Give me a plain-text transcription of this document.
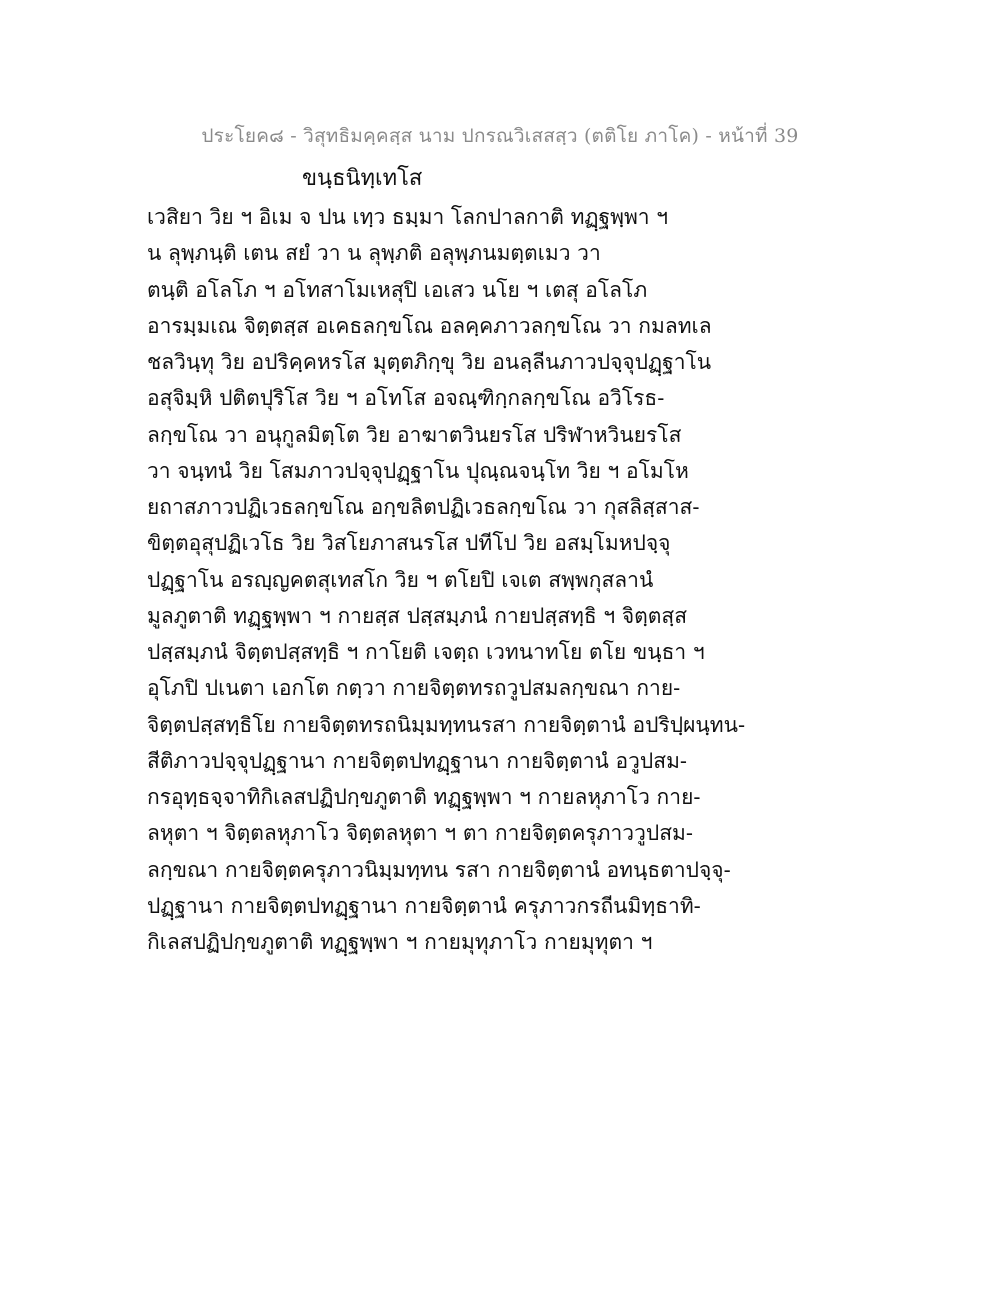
ประโยค๘ - วิสุทธิมคฺคสฺส นาม ปกรณวิเสสสฺว (ตติโย ภาโค) - หน้าที่ 39
ขนฺธนิทฺเทโส
เวสิยา วิย ฯ อิเม จ ปน เทฺว ธมฺมา โลกปาลกาติ ทฏฺฐพฺพา ฯ
น ลุพฺภนฺติ เตน สยํ วา น ลุพฺภติ อลุพฺภนมตฺตเมว วา
ตนฺติ อโลโภ ฯ อโทสาโมเหสุปิ เอเสว นโย ฯ เตสุ อโลโภ
อารมฺมเณ จิตฺตสฺส อเคธลกฺขโณ อลคฺคภาวลกฺขโณ วา กมลทเล
ชลวินฺทุ วิย อปริคฺคหรโส มุตฺตภิกฺขุ วิย อนลฺลีนภาวปจฺจุปฏฺฐาโน
อสุจิมฺหิ ปติตปุริโส วิย ฯ อโทโส อจณฺฑิกฺกลกฺขโณ อวิโรธ-
ลกฺขโณ วา อนุกูลมิตฺโต วิย อาฆาตวินยรโส ปริฬาหวินยรโส
วา จนฺทนํ วิย โสมภาวปจฺจุปฏฺฐาโน ปุณฺณจนฺโท วิย ฯ อโมโห
ยถาสภาวปฏิเวธลกฺขโณ อกฺขลิตปฏิเวธลกฺขโณ วา กุสลิสฺสาส-
ขิตฺตอุสุปฏิเวโธ วิย วิสโยภาสนรโส ปทีโป วิย อสมฺโมหปจฺจุ
ปฏฺฐาโน อรญฺญคตสุเทสโก วิย ฯ ตโยปิ เจเต สพฺพกุสลานํ
มูลภูตาติ ทฏฺฐพฺพา ฯ กายสฺส ปสฺสมฺภนํ กายปสฺสทฺธิ ฯ จิตฺตสฺส
ปสฺสมฺภนํ จิตฺตปสฺสทฺธิ ฯ กาโยติ เจตฺถ เวทนาทโย ตโย ขนฺธา ฯ
อุโภปิ ปเนตา เอกโต กตฺวา กายจิตฺตทรถวูปสมลกฺขณา กาย-
จิตฺตปสฺสทฺธิโย กายจิตฺตทรถนิมฺมทฺทนรสา กายจิตฺตานํ อปริปฺผนฺทน-
สีติภาวปจฺจุปฏฺฐานา กายจิตฺตปทฏฺฐานา กายจิตฺตานํ อวูปสม-
กรอุทฺธจฺจาทิกิเลสปฏิปกฺขภูตาติ ทฏฺฐพฺพา ฯ กายลหุภาโว กาย-
ลหุตา ฯ จิตฺตลหุภาโว จิตฺตลหุตา ฯ ตา กายจิตฺตครุภาววูปสม-
ลกฺขณา กายจิตฺตครุภาวนิมฺมทฺทน รสา กายจิตฺตานํ อทนฺธตาปจฺจุ-
ปฏฺฐานา กายจิตฺตปทฏฺฐานา กายจิตฺตานํ ครุภาวกรถีนมิทฺธาทิ-
กิเลสปฏิปกฺขภูตาติ ทฏฺฐพฺพา ฯ กายมุทุภาโว กายมุทุตา ฯ
